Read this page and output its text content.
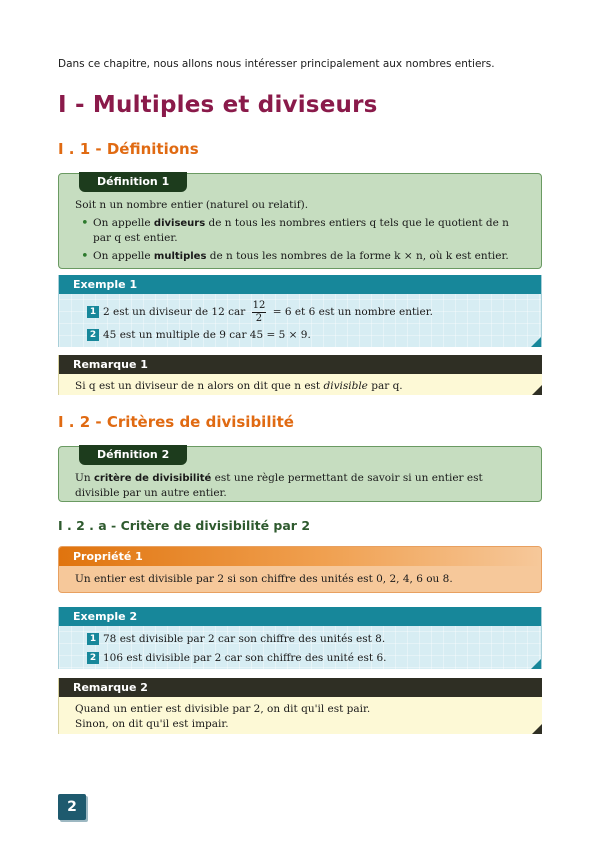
Dans ce chapitre, nous allons nous intéresser principalement aux nombres entiers.
I - Multiples et diviseurs
I . 1 - Définitions
Définition 1
Soit n un nombre entier (naturel ou relatif).
• On appelle diviseurs de n tous les nombres entiers q tels que le quotient de n par q est entier.
• On appelle multiples de n tous les nombres de la forme k × n, où k est entier.
Exemple 1
1 2 est un diviseur de 12 car $\frac{12}{2} = 6$ et 6 est un nombre entier.
2 45 est un multiple de 9 car 45 = 5 × 9.
Remarque 1
Si q est un diviseur de n alors on dit que n est divisible par q.
I . 2 - Critères de divisibilité
Définition 2
Un critère de divisibilité est une règle permettant de savoir si un entier est divisible par un autre entier.
I . 2 . a - Critère de divisibilité par 2
Propriété 1
Un entier est divisible par 2 si son chiffre des unités est 0, 2, 4, 6 ou 8.
Exemple 2
1 78 est divisible par 2 car son chiffre des unités est 8.
2 106 est divisible par 2 car son chiffre des unité est 6.
Remarque 2
Quand un entier est divisible par 2, on dit qu'il est pair.
Sinon, on dit qu'il est impair.
2
